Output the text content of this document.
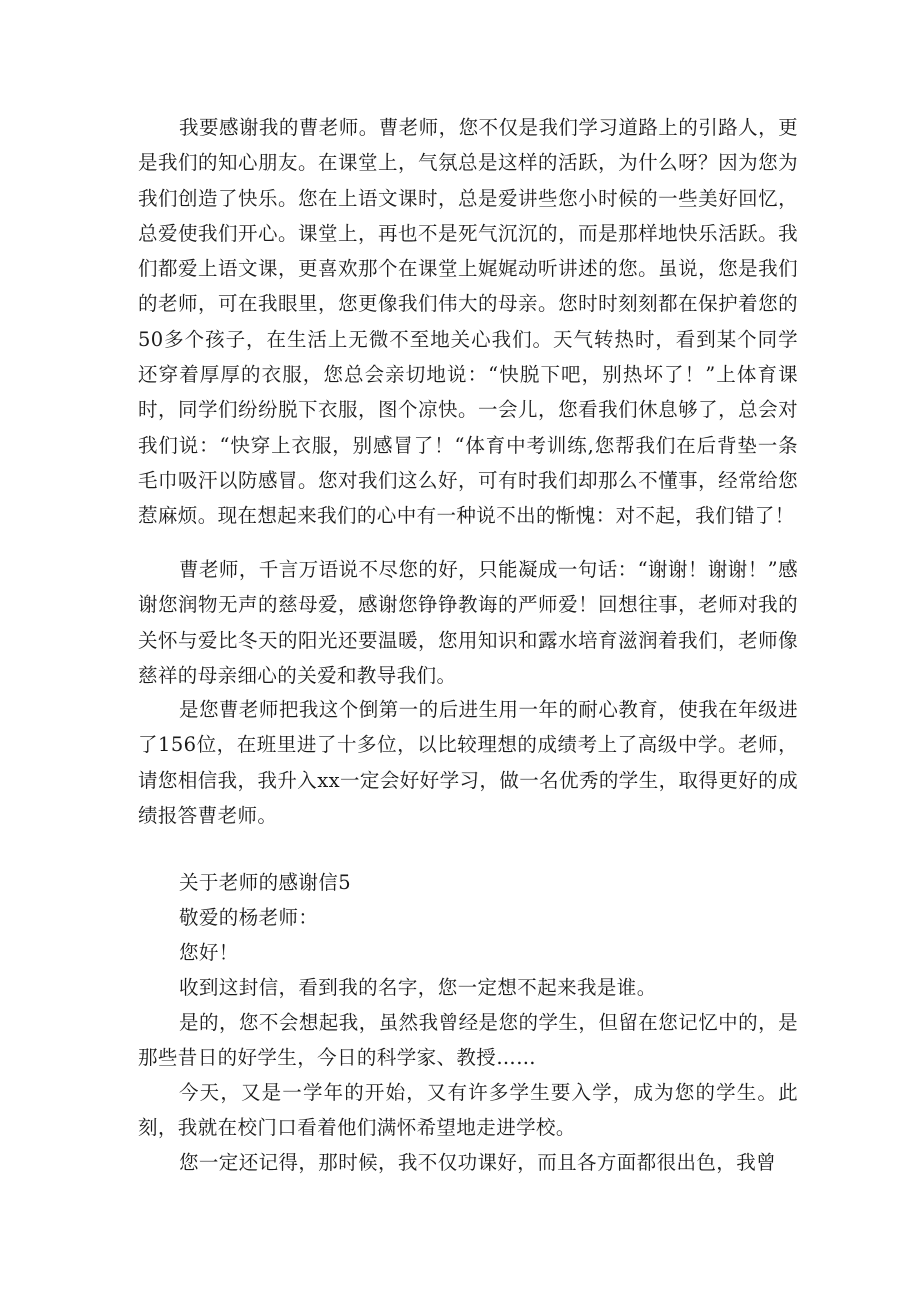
我要感谢我的曹老师。曹老师，您不仅是我们学习道路上的引路人，更是我们的知心朋友。在课堂上，气氛总是这样的活跃，为什么呀？因为您为我们创造了快乐。您在上语文课时，总是爱讲些您小时候的一些美好回忆，总爱使我们开心。课堂上，再也不是死气沉沉的，而是那样地快乐活跃。我们都爱上语文课，更喜欢那个在课堂上娓娓动听讲述的您。虽说，您是我们的老师，可在我眼里，您更像我们伟大的母亲。您时时刻刻都在保护着您的50多个孩子，在生活上无微不至地关心我们。天气转热时，看到某个同学还穿着厚厚的衣服，您总会亲切地说：“快脱下吧，别热坏了！”上体育课时，同学们纷纷脱下衣服，图个凉快。一会儿，您看我们休息够了，总会对我们说：“快穿上衣服，别感冒了！“体育中考训练,您帮我们在后背垫一条毛巾吸汗以防感冒。您对我们这么好，可有时我们却那么不懂事，经常给您惹麻烦。现在想起来我们的心中有一种说不出的惭愧：对不起，我们错了！

曹老师，千言万语说不尽您的好，只能凝成一句话：“谢谢！谢谢！”感谢您润物无声的慈母爱，感谢您铮铮教诲的严师爱！回想往事，老师对我的关怀与爱比冬天的阳光还要温暖，您用知识和露水培育滋润着我们，老师像慈祥的母亲细心的关爱和教导我们。

是您曹老师把我这个倒第一的后进生用一年的耐心教育，使我在年级进了156位，在班里进了十多位，以比较理想的成绩考上了高级中学。老师，请您相信我，我升入xx一定会好好学习，做一名优秀的学生，取得更好的成绩报答曹老师。

关于老师的感谢信5

敬爱的杨老师：

您好！

收到这封信，看到我的名字，您一定想不起来我是谁。

是的，您不会想起我，虽然我曾经是您的学生，但留在您记忆中的，是那些昔日的好学生，今日的科学家、教授……

今天，又是一学年的开始，又有许多学生要入学，成为您的学生。此刻，我就在校门口看着他们满怀希望地走进学校。

您一定还记得，那时候，我不仅功课好，而且各方面都很出色，我曾
